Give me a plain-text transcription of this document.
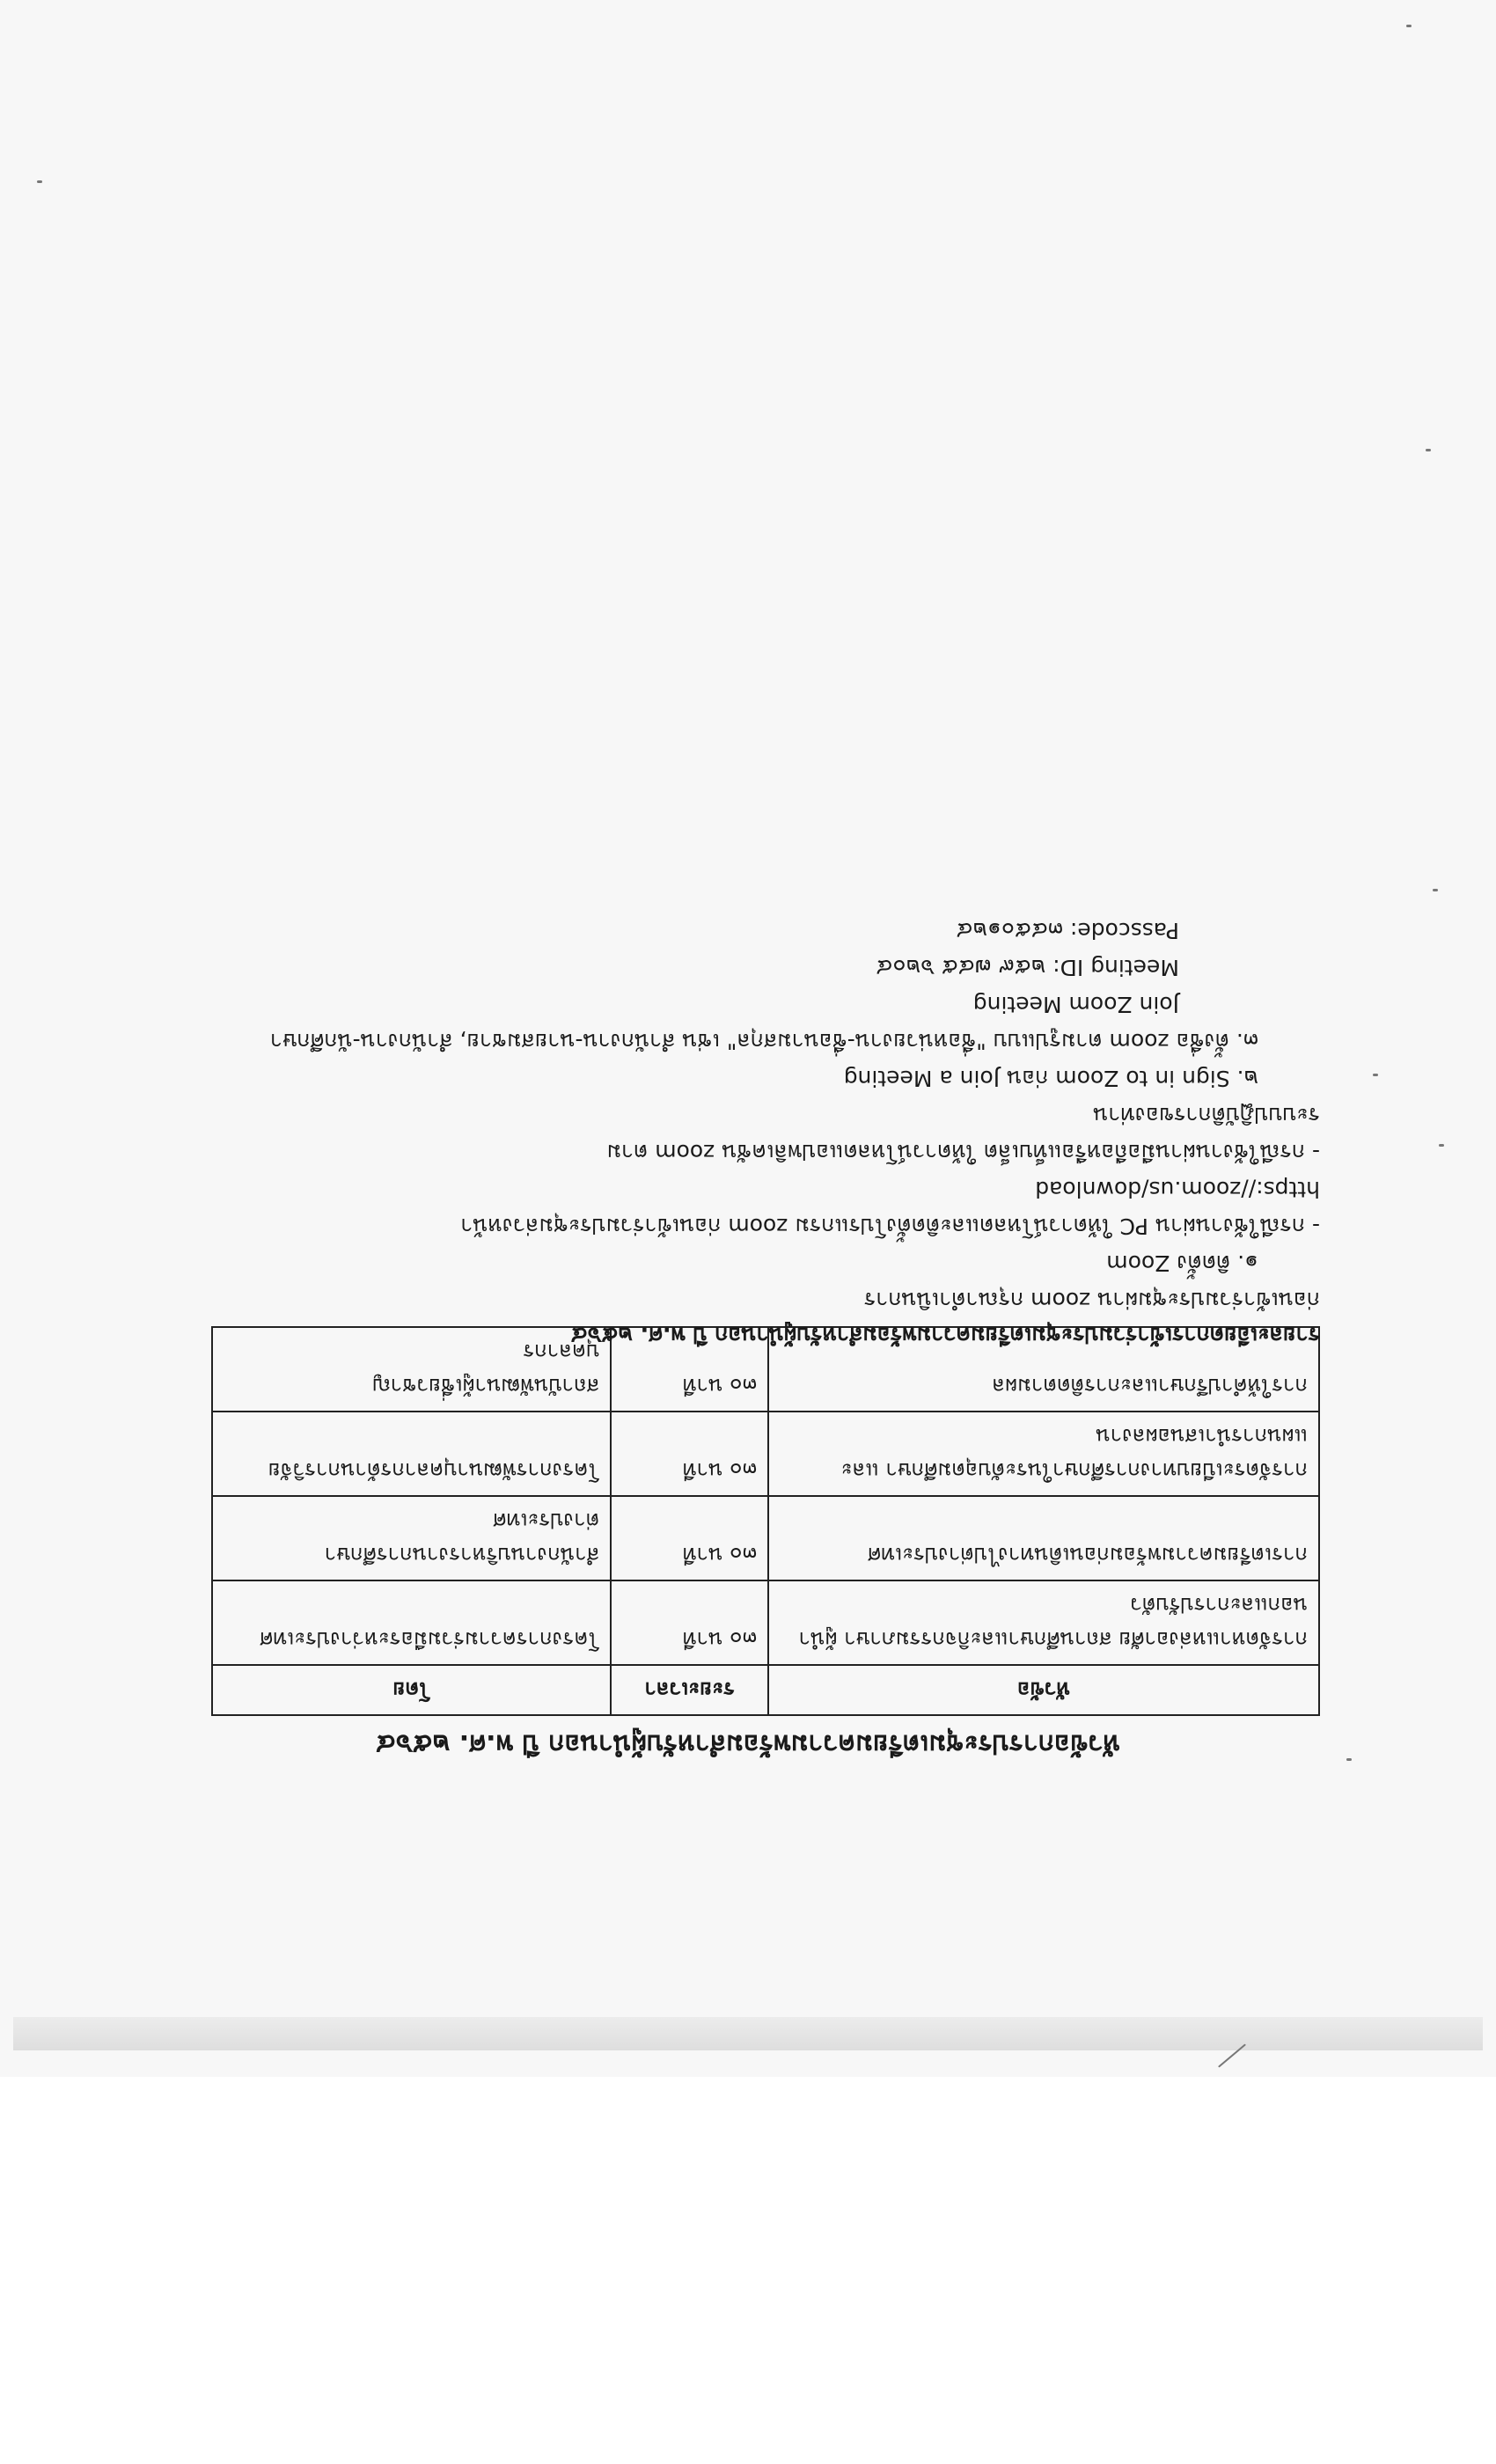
หัวข้อการประชุมเตรียมความพร้อมสำหรับผู้นำนอก ปี พ.ศ. ๒๕๖๔
หัวข้อ	ระยะเวลา	โดย
การจัดหาแหล่งอาศัย สถานศึกษาและกิจกรรมภาษา ผู้นำนอกและการปรับตัว	๓๐ นาที	โครงการความร่วมมือระหว่างประเทศ
การเตรียมความพร้อมก่อนเดินทางไปต่างประเทศ	๓๐ นาที	สำนักงานบริหารงานการศึกษา
ต่างประเทศ
การจัดระเบียบทางการศึกษาในระดับอุดมศึกษา และแผนการนำเสนอผลงาน	๓๐ นาที	โครงการพัฒนาบุคลากรด้านการวิจัย
การให้คำปรึกษาและการติดตามผล	๓๐ นาที	สถาบันพัฒนาผู้เชี่ยวชาญ
บุคลากร
รายละเอียดการเข้าร่วมประชุมเตรียมความพร้อมสำหรับผู้นำนอก ปี พ.ศ. ๒๕๖๔
ก่อนเข้าร่วมประชุมผ่าน zoom กรุณาดำเนินการ
๑. ติดตั้ง Zoom
- กรณีใช้งานผ่าน PC ให้ดาวน์โหลดและติดตั้งโปรแกรม zoom ก่อนเข้าร่วมประชุมล่วงหน้า
https://zoom.us/download
- กรณีใช้งานผ่านมือถือหรือแท็บเล็ต ให้ดาวน์โหลดแอปพลิเคชัน zoom ตาม
ระบบปฏิบัติการของท่าน
๒. Sign in to Zoom ก่อน Join a Meeting
๓. ตั้งชื่อ zoom ตามรูปแบบ "ชื่อหน่วยงาน-ชื่อนามสกุล" เช่น สำนักงาน-นายสมชาย, สำนักงาน-นักศึกษา
Join Zoom Meeting
Meeting ID: ๒๕๙ ๗๔๕ ๖๒๐๔
Passcode: ๓๔๕๐๑๒๔
